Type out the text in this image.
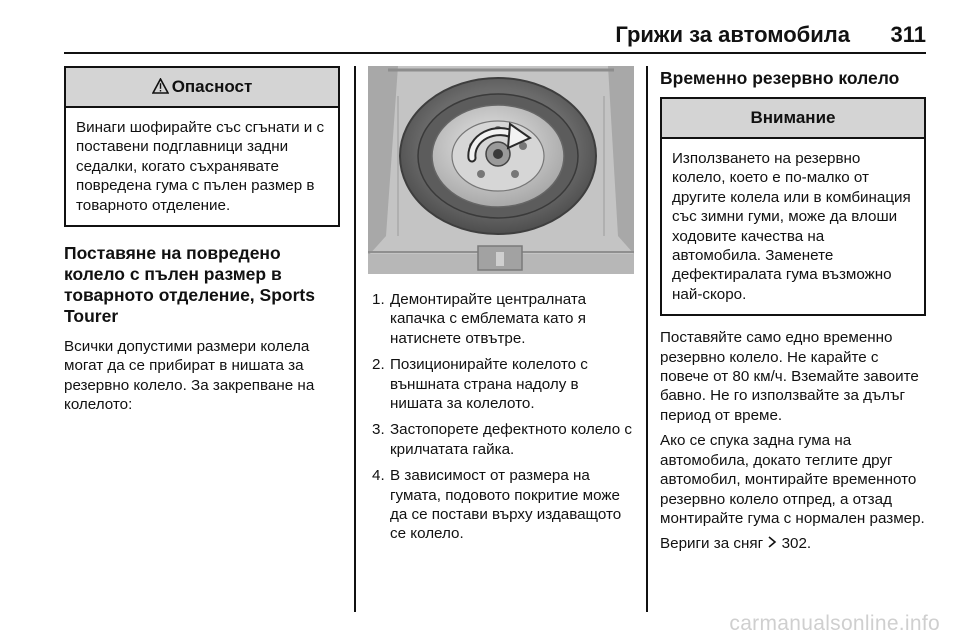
Грижи за автомобила 311
Опасност
Винаги шофирайте със сгънати и с поставени подглавници задни седалки, когато съхранявате повредена гума с пълен размер в товарното отделение.
Поставяне на повредено колело с пълен размер в товарното отделение, Sports Tourer

Всички допустими размери колела могат да се прибират в нишата за резервно колело. За закрепване на колелото:

1. Демонтирайте централната капачка с емблемата като я натиснете отвътре.
2. Позиционирайте колелото с външната страна надолу в нишата за колелото.
3. Застопорете дефектното колело с крилчатата гайка.
4. В зависимост от размера на гумата, подовото покритие може да се постави върху издаващото се колело.
Временно резервно колело
Внимание
Използването на резервно колело, което е по-малко от другите колела или в комбинация със зимни гуми, може да влоши ходовите качества на автомобила. Заменете дефектиралата гума възможно най-скоро.

Поставяйте само едно временно резервно колело. Не карайте с повече от 80 км/ч. Вземайте завоите бавно. Не го използвайте за дълъг период от време.

Ако се спука задна гума на автомобила, докато теглите друг автомобил, монтирайте временното резервно колело отпред, а отзад монтирайте гума с нормален размер.

Вериги за сняг 302.

carmanualsonline.info
